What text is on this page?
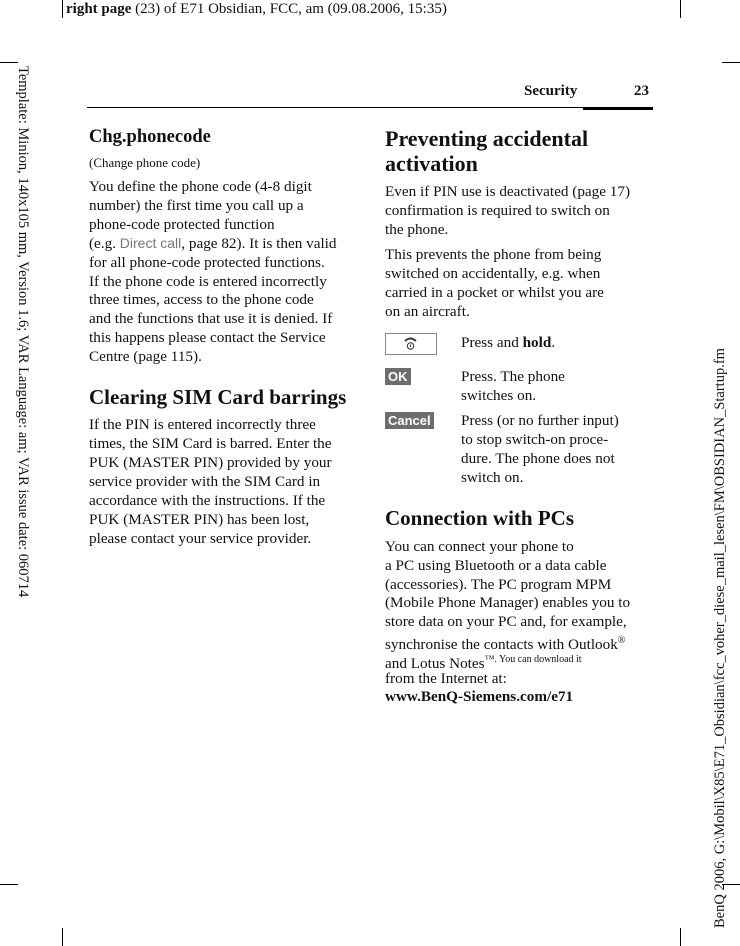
right page (23) of E71 Obsidian, FCC, am (09.08.2006, 15:35)
Template: Minion, 140x105 mm, Version 1.6; VAR Language: am; VAR issue date: 060714
BenQ 2006, G:\Mobil\X85\E71_Obsidian\fcc_voher_diese_mail_lesen\FM\OBSIDIAN_Startup.fm
Security	23
Chg.phonecode
(Change phone code)
You define the phone code (4-8 digit
number) the first time you call up a
phone-code protected function
(e.g. Direct call, page 82). It is then valid
for all phone-code protected functions.
If the phone code is entered incorrectly
three times, access to the phone code
and the functions that use it is denied. If
this happens please contact the Service
Centre (page 115).
Clearing SIM Card barrings
If the PIN is entered incorrectly three
times, the SIM Card is barred. Enter the
PUK (MASTER PIN) provided by your
service provider with the SIM Card in
accordance with the instructions. If the
PUK (MASTER PIN) has been lost,
please contact your service provider.
Preventing accidental
activation
Even if PIN use is deactivated (page 17)
confirmation is required to switch on
the phone.
This prevents the phone from being
switched on accidentally, e.g. when
carried in a pocket or whilst you are
on an aircraft.
OK
Cancel
Press and hold.
Press. The phone
switches on.
Press (or no further input)
to stop switch-on proce-
dure. The phone does not
switch on.
Connection with PCs
You can connect your phone to
a PC using Bluetooth or a data cable
(accessories). The PC program MPM
(Mobile Phone Manager) enables you to
store data on your PC and, for example,
synchronise the contacts with Outlook®
and Lotus Notes$^{™. You can download it}$
from the Internet at:
www.BenQ-Siemens.com/e71
